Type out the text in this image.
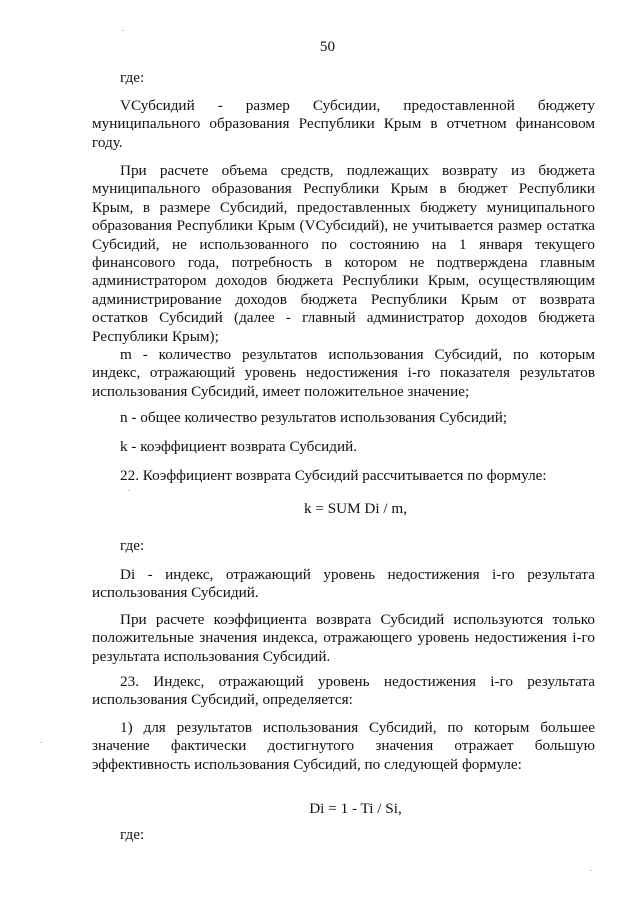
50

где:

VСубсидий - размер Субсидии, предоставленной бюджету муниципального образования Республики Крым в отчетном финансовом году.

При расчете объема средств, подлежащих возврату из бюджета муниципального образования Республики Крым в бюджет Республики Крым, в размере Субсидий, предоставленных бюджету муниципального образования Республики Крым (VСубсидий), не учитывается размер остатка Субсидий, не использованного по состоянию на 1 января текущего финансового года, потребность в котором не подтверждена главным администратором доходов бюджета Республики Крым, осуществляющим администрирование доходов бюджета Республики Крым от возврата остатков Субсидий (далее - главный администратор доходов бюджета Республики Крым);

m - количество результатов использования Субсидий, по которым индекс, отражающий уровень недостижения i-го показателя результатов использования Субсидий, имеет положительное значение;

n - общее количество результатов использования Субсидий;

k - коэффициент возврата Субсидий.

22. Коэффициент возврата Субсидий рассчитывается по формуле:

k = SUM Di / m,

где:

Di - индекс, отражающий уровень недостижения i-го результата использования Субсидий.

При расчете коэффициента возврата Субсидий используются только положительные значения индекса, отражающего уровень недостижения i-го результата использования Субсидий.

23. Индекс, отражающий уровень недостижения i-го результата использования Субсидий, определяется:

1) для результатов использования Субсидий, по которым большее значение фактически достигнутого значения отражает большую эффективность использования Субсидий, по следующей формуле:

Di = 1 - Ti / Si,

где:
